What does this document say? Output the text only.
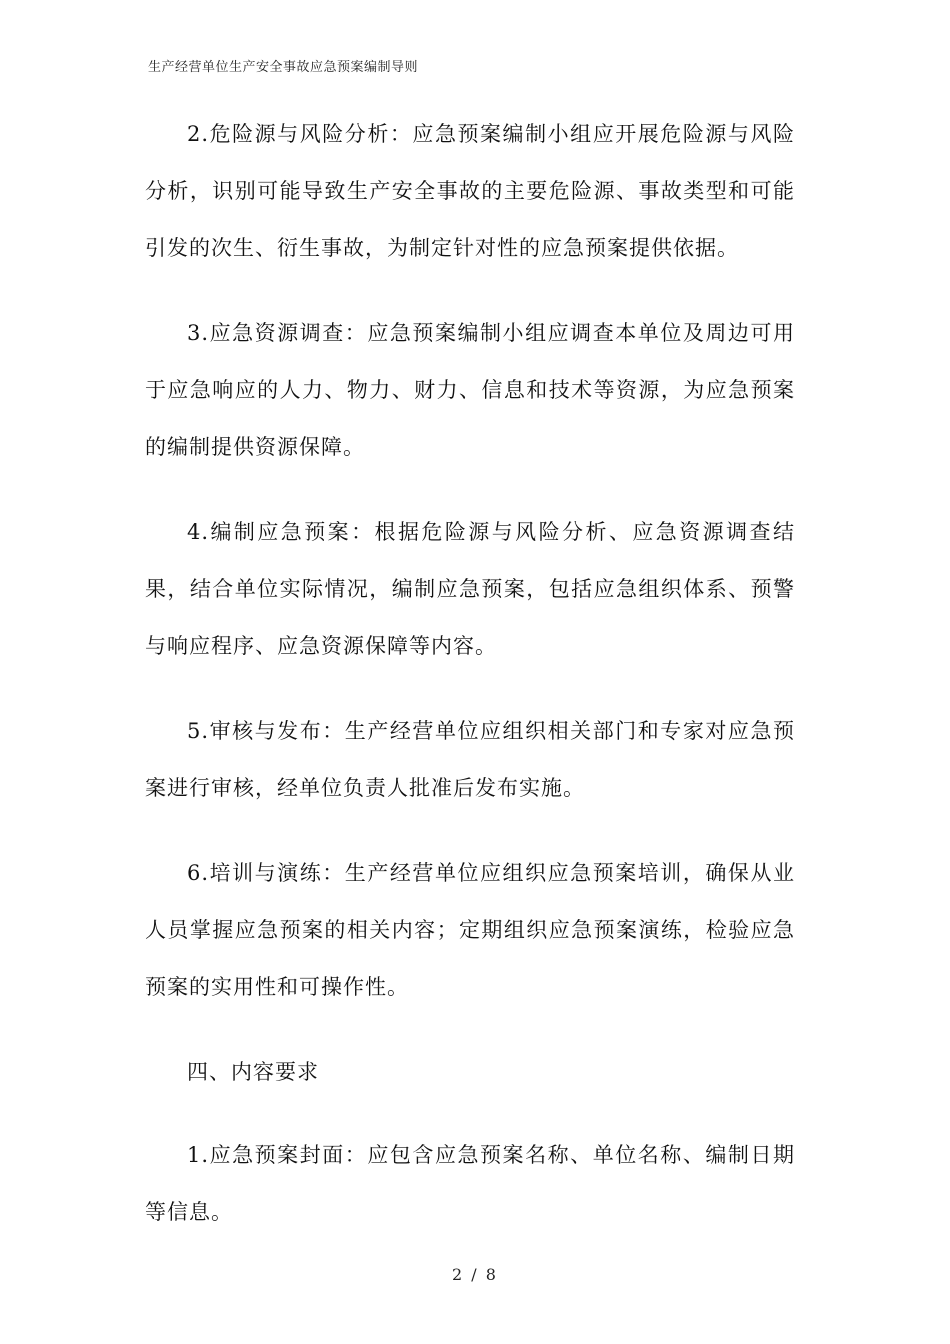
生产经营单位生产安全事故应急预案编制导则

2.危险源与风险分析：应急预案编制小组应开展危险源与风险分析，识别可能导致生产安全事故的主要危险源、事故类型和可能引发的次生、衍生事故，为制定针对性的应急预案提供依据。

3.应急资源调查：应急预案编制小组应调查本单位及周边可用于应急响应的人力、物力、财力、信息和技术等资源，为应急预案的编制提供资源保障。

4.编制应急预案：根据危险源与风险分析、应急资源调查结果，结合单位实际情况，编制应急预案，包括应急组织体系、预警与响应程序、应急资源保障等内容。

5.审核与发布：生产经营单位应组织相关部门和专家对应急预案进行审核，经单位负责人批准后发布实施。

6.培训与演练：生产经营单位应组织应急预案培训，确保从业人员掌握应急预案的相关内容；定期组织应急预案演练，检验应急预案的实用性和可操作性。

四、内容要求

1.应急预案封面：应包含应急预案名称、单位名称、编制日期等信息。

2 / 8
